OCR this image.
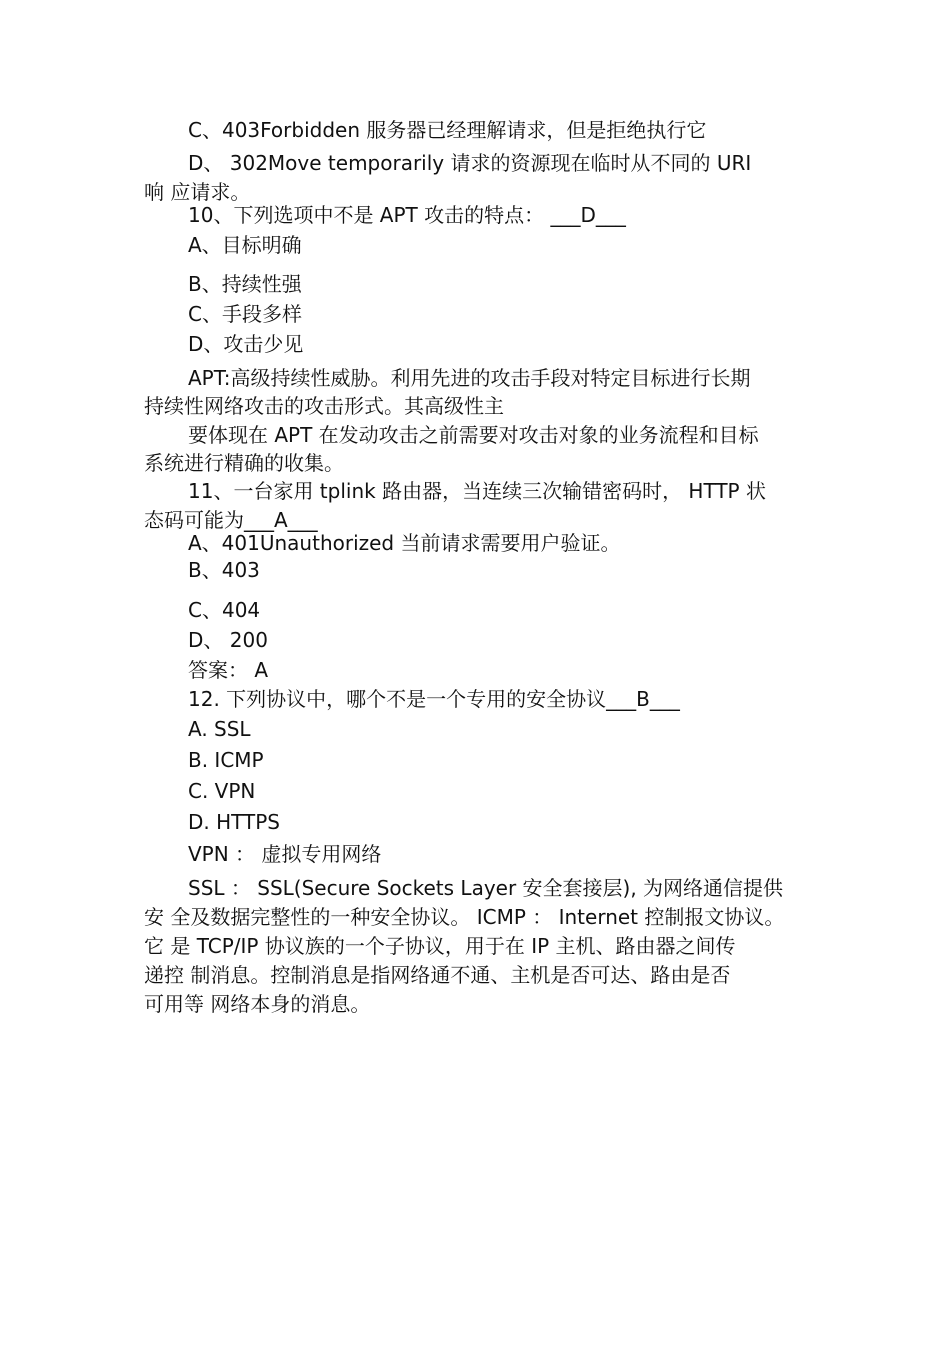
C、403Forbidden 服务器已经理解请求，但是拒绝执行它
D、 302Move temporarily 请求的资源现在临时从不同的 URI
响 应请求。
10、下列选项中不是 APT 攻击的特点： ___D___
A、目标明确
B、持续性强
C、手段多样
D、攻击少见
APT:高级持续性威胁。利用先进的攻击手段对特定目标进行长期
持续性网络攻击的攻击形式。其高级性主
要体现在 APT 在发动攻击之前需要对攻击对象的业务流程和目标
系统进行精确的收集。
11、一台家用 tplink 路由器，当连续三次输错密码时， HTTP 状
态码可能为___A___
A、401Unauthorized 当前请求需要用户验证。
B、403
C、404
D、 200
答案： A
12. 下列协议中，哪个不是一个专用的安全协议___B___
A. SSL
B. ICMP
C. VPN
D. HTTPS
VPN ： 虚拟专用网络
SSL ： SSL(Secure Sockets Layer 安全套接层), 为网络通信提供
安 全及数据完整性的一种安全协议。 ICMP ： Internet 控制报文协议。
它 是 TCP/IP 协议族的一个子协议，用于在 IP 主机、路由器之间传
递控 制消息。控制消息是指网络通不通、主机是否可达、路由是否
可用等 网络本身的消息。
